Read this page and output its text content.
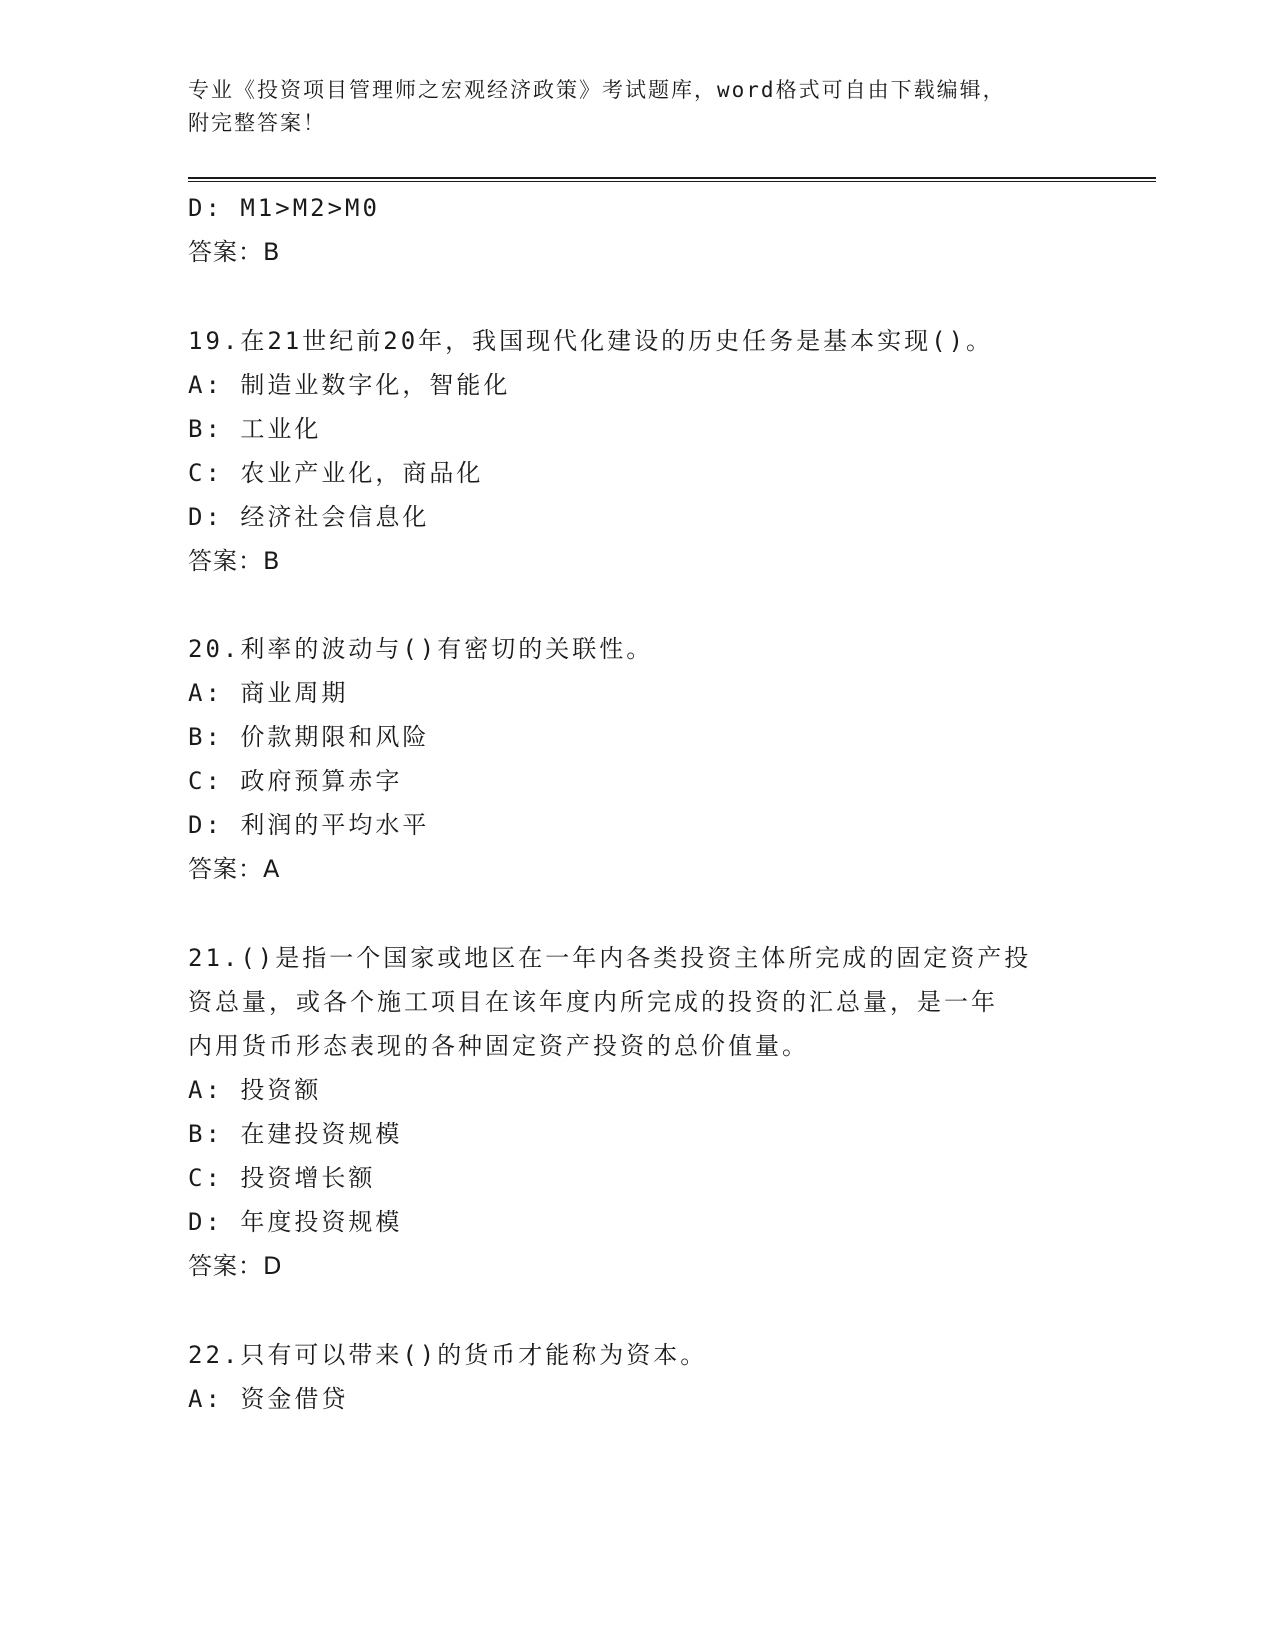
专业《投资项目管理师之宏观经济政策》考试题库，word格式可自由下载编辑，
附完整答案！
D: M1>M2>M0
答案：B
19.在21世纪前20年，我国现代化建设的历史任务是基本实现()。
A: 制造业数字化，智能化
B: 工业化
C: 农业产业化，商品化
D: 经济社会信息化
答案：B
20.利率的波动与()有密切的关联性。
A: 商业周期
B: 价款期限和风险
C: 政府预算赤字
D: 利润的平均水平
答案：A
21.()是指一个国家或地区在一年内各类投资主体所完成的固定资产投
资总量，或各个施工项目在该年度内所完成的投资的汇总量，是一年
内用货币形态表现的各种固定资产投资的总价值量。
A: 投资额
B: 在建投资规模
C: 投资增长额
D: 年度投资规模
答案：D
22.只有可以带来()的货币才能称为资本。
A: 资金借贷
